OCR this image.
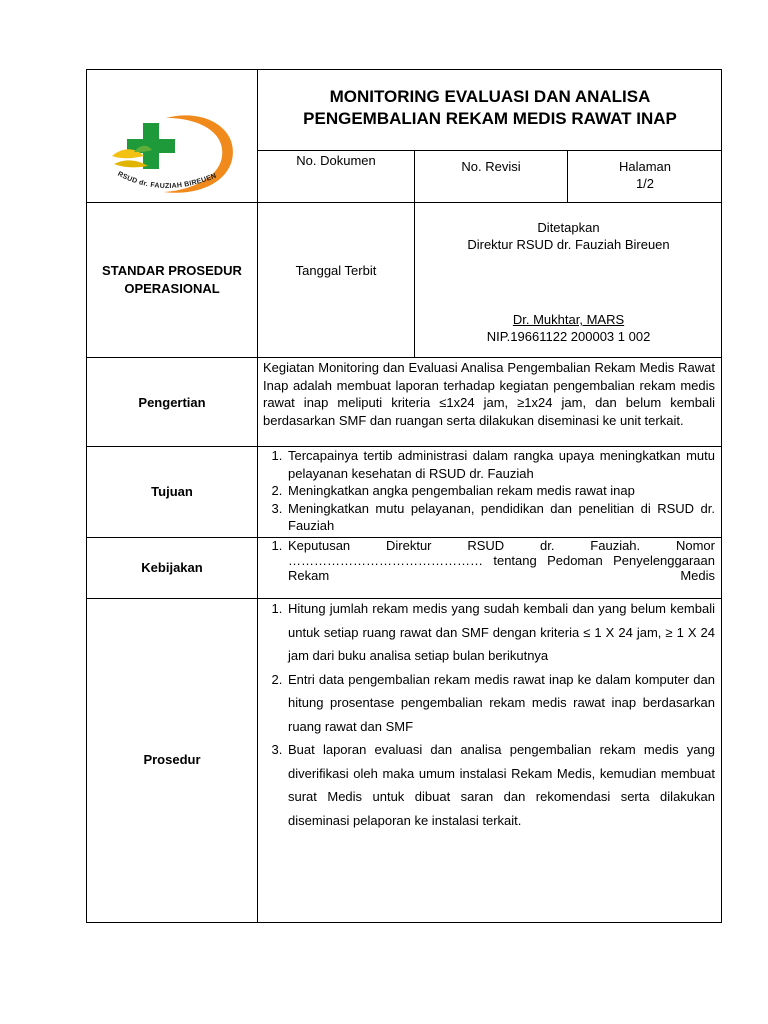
RSUD dr. FAUZIAH BIREUEN
MONITORING EVALUASI DAN ANALISA
PENGEMBALIAN REKAM MEDIS RAWAT INAP
No. Dokumen	No. Revisi	Halaman
1/2
STANDAR PROSEDUR
OPERASIONAL
Tanggal Terbit
Ditetapkan
Direktur RSUD dr. Fauziah Bireuen
Dr. Mukhtar, MARS
NIP.19661122 200003 1 002
Pengertian
Kegiatan Monitoring dan Evaluasi Analisa Pengembalian Rekam Medis Rawat Inap adalah membuat laporan terhadap kegiatan pengembalian rekam medis rawat inap meliputi kriteria ≤1x24 jam, ≥1x24 jam, dan belum kembali berdasarkan SMF dan ruangan serta dilakukan diseminasi ke unit terkait.
Tujuan
1. Tercapainya tertib administrasi dalam rangka upaya meningkatkan mutu pelayanan kesehatan di RSUD dr. Fauziah
2. Meningkatkan angka pengembalian rekam medis rawat inap
3. Meningkatkan mutu pelayanan, pendidikan dan penelitian di RSUD dr. Fauziah
Kebijakan
1. Keputusan Direktur RSUD dr. Fauziah. Nomor ……………………………………… tentang Pedoman Penyelenggaraan Rekam Medis
Prosedur
1. Hitung jumlah rekam medis yang sudah kembali dan yang belum kembali untuk setiap ruang rawat dan SMF dengan kriteria ≤ 1 X 24 jam, ≥ 1 X 24 jam dari buku analisa setiap bulan berikutnya
2. Entri data pengembalian rekam medis rawat inap ke dalam komputer dan hitung prosentase pengembalian rekam medis rawat inap berdasarkan ruang rawat dan SMF
3. Buat laporan evaluasi dan analisa pengembalian rekam medis yang diverifikasi oleh maka umum instalasi Rekam Medis, kemudian membuat surat Medis untuk dibuat saran dan rekomendasi serta dilakukan diseminasi pelaporan ke instalasi terkait.
